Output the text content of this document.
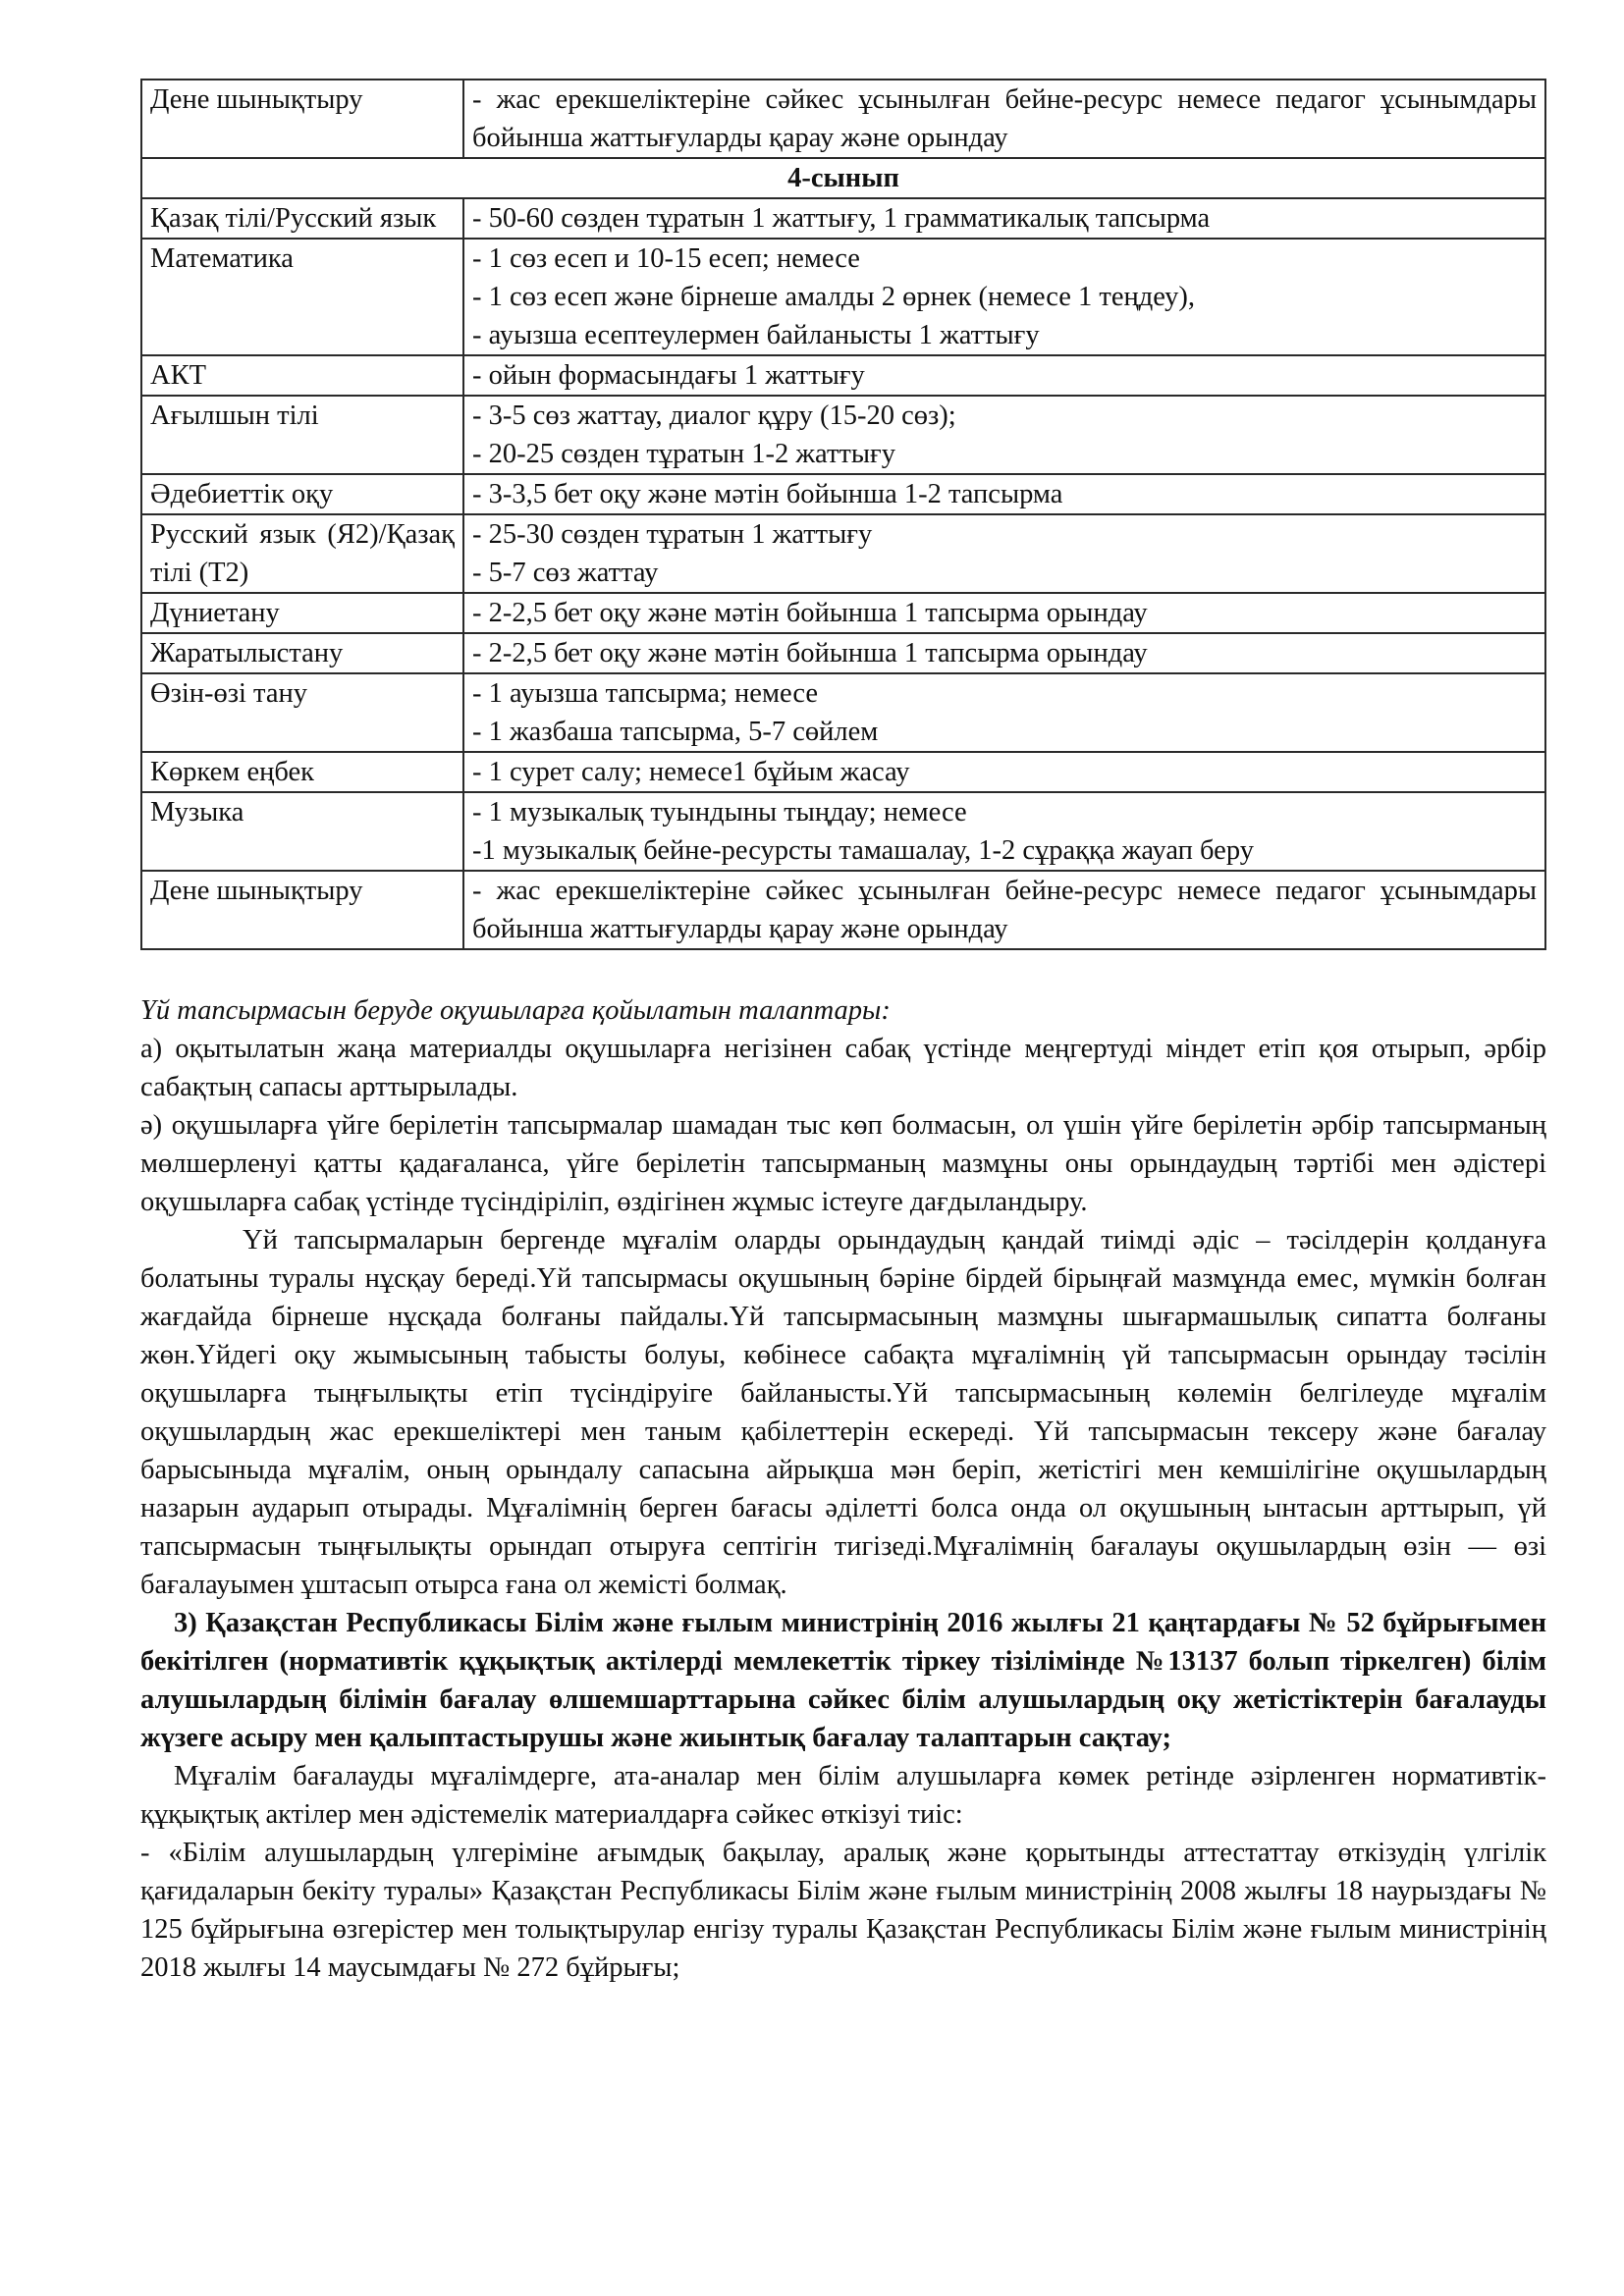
Дене шынықтыру	- жас ерекшеліктеріне сәйкес ұсынылған бейне-ресурс немесе педагог ұсынымдары бойынша жаттығуларды қарау және орындау
4-сынып	
Қазақ тілі/Русский язык	- 50-60 сөзден тұратын 1 жаттығу, 1 грамматикалық тапсырма

Математика	- 1 сөз есеп и 10-15 есеп; немесе
- 1 сөз есеп және бірнеше амалды 2 өрнек (немесе 1 теңдеу),
- ауызша есептеулермен байланысты 1 жаттығу

АКТ	- ойын формасындағы 1 жаттығу

Ағылшын тілі	- 3-5 сөз жаттау, диалог құру (15-20 сөз);
- 20-25 сөзден тұратын 1-2 жаттығу

Әдебиеттік оқу	- 3-3,5 бет оқу және мәтін бойынша 1-2 тапсырма

Русский язык (Я2)/Қазақ тілі (Т2)	- 25-30 сөзден тұратын 1 жаттығу
- 5-7 сөз жаттау

Дүниетану	- 2-2,5 бет оқу және мәтін бойынша 1 тапсырма орындау

Жаратылыстану	- 2-2,5 бет оқу және мәтін бойынша 1 тапсырма орындау

Өзін-өзі тану	- 1 ауызша тапсырма; немесе
- 1 жазбаша тапсырма, 5-7 сөйлем

Көркем еңбек	- 1 сурет салу; немесе1 бұйым жасау

Музыка	- 1 музыкалық туындыны тыңдау; немесе
-1 музыкалық бейне-ресурсты тамашалау, 1-2 сұраққа жауап беру

Дене шынықтыру	- жас ерекшеліктеріне сәйкес ұсынылған бейне-ресурс немесе педагог ұсынымдары бойынша жаттығуларды қарау және орындау

Үй тапсырмасын беруде оқушыларға қойылатын талаптары:

а) оқытылатын жаңа материалды оқушыларға негізінен сабақ үстінде меңгертуді міндет етіп қоя отырып, әрбір сабақтың сапасы арттырылады.

ә) оқушыларға үйге берілетін тапсырмалар шамадан тыс көп болмасын, ол үшін үйге берілетін әрбір тапсырманың мөлшерленуі қатты қадағаланса, үйге берілетін тапсырманың мазмұны оны орындаудың тәртібі мен әдістері оқушыларға сабақ үстінде түсіндіріліп, өздігінен жұмыс істеуге дағдыландыру.

Үй тапсырмаларын бергенде мұғалім оларды орындаудың қандай тиімді әдіс – тәсілдерін қолдануға болатыны туралы нұсқау береді.Үй тапсырмасы оқушының бәріне бірдей бірыңғай мазмұнда емес, мүмкін болған жағдайда бірнеше нұсқада болғаны пайдалы.Үй тапсырмасының мазмұны шығармашылық сипатта болғаны жөн.Үйдегі оқу жымысының табысты болуы, көбінесе сабақта мұғалімнің үй тапсырмасын орындау тәсілін оқушыларға тыңғылықты етіп түсіндіруіге байланысты.Үй тапсырмасының көлемін белгілеуде мұғалім оқушылардың жас ерекшеліктері мен таным қабілеттерін ескереді. Үй тапсырмасын тексеру және бағалау барысыныда мұғалім, оның орындалу сапасына айрықша мән беріп, жетістігі мен кемшілігіне оқушылардың назарын аударып отырады. Мұғалімнің берген бағасы әділетті болса онда ол оқушының ынтасын арттырып, үй тапсырмасын тыңғылықты орындап отыруға септігін тигізеді.Мұғалімнің бағалауы оқушылардың өзін — өзі бағалауымен ұштасып отырса ғана ол жемісті болмақ.

3) Қазақстан Республикасы Білім және ғылым министрінің 2016 жылғы 21 қаңтардағы № 52 бұйрығымен бекітілген (нормативтік құқықтық актілерді мемлекеттік тіркеу тізілімінде №13137 болып тіркелген) білім алушылардың білімін бағалау өлшемшарттарына сәйкес білім алушылардың оқу жетістіктерін бағалауды жүзеге асыру мен қалыптастырушы және жиынтық бағалау талаптарын сақтау;

Мұғалім бағалауды мұғалімдерге, ата-аналар мен білім алушыларға көмек ретінде әзірленген нормативтік-құқықтық актілер мен әдістемелік материалдарға сәйкес өткізуі тиіс:

- «Білім алушылардың үлгеріміне ағымдық бақылау, аралық және қорытынды аттестаттау өткізудің үлгілік қағидаларын бекіту туралы» Қазақстан Республикасы Білім және ғылым министрінің 2008 жылғы 18 наурыздағы № 125 бұйрығына өзгерістер мен толықтырулар енгізу туралы Қазақстан Республикасы Білім және ғылым министрінің 2018 жылғы 14 маусымдағы № 272 бұйрығы;
